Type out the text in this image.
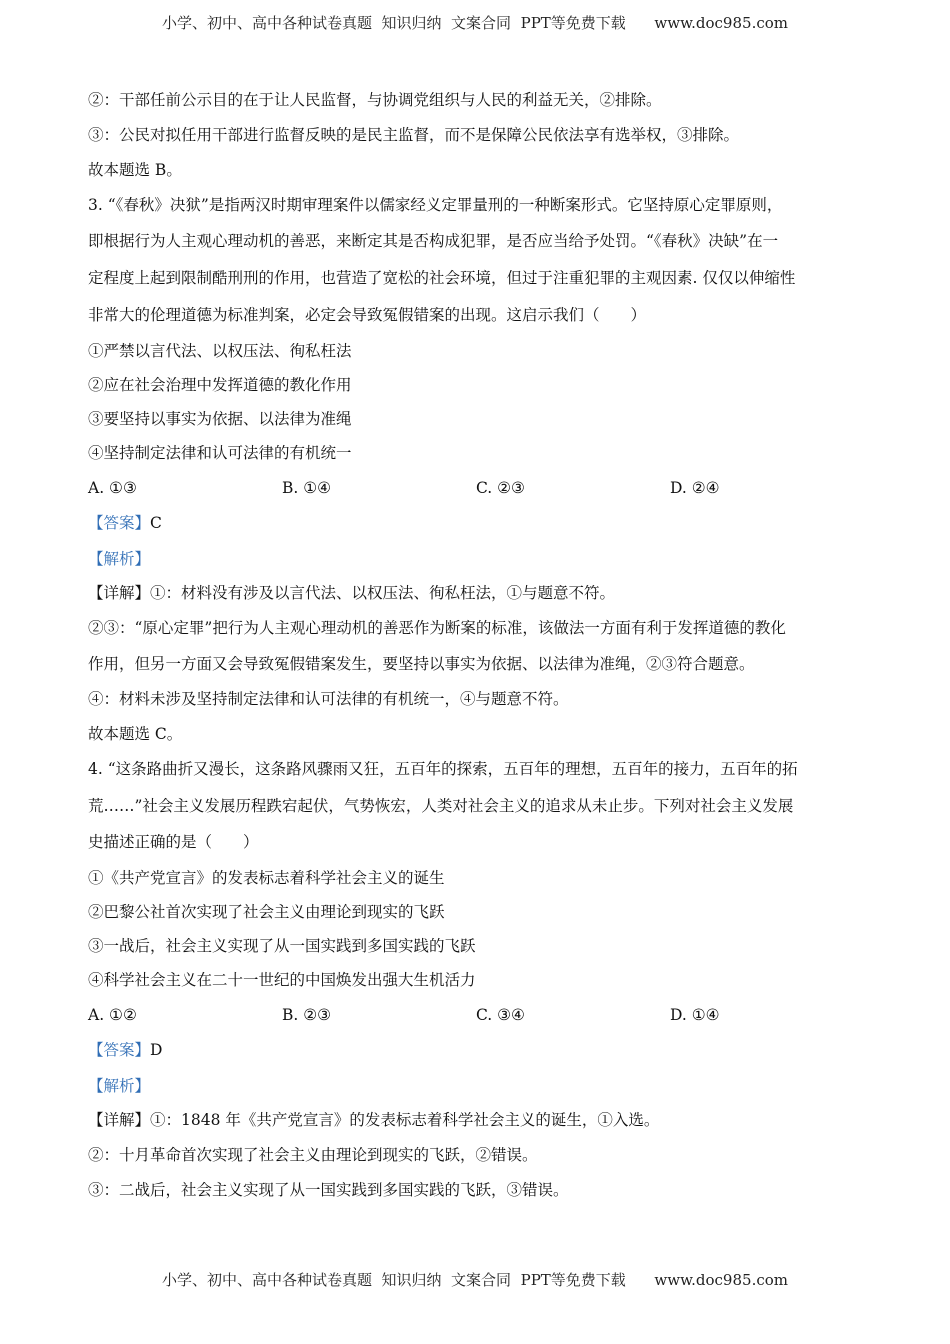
小学、初中、高中各种试卷真题  知识归纳  文案合同  PPT等免费下载      www.doc985.com
②：干部任前公示目的在于让人民监督，与协调党组织与人民的利益无关，②排除。
③：公民对拟任用干部进行监督反映的是民主监督，而不是保障公民依法享有选举权，③排除。
故本题选 B。
3. “《春秋》决狱”是指两汉时期审理案件以儒家经义定罪量刑的一种断案形式。它坚持原心定罪原则，
即根据行为人主观心理动机的善恶，来断定其是否构成犯罪，是否应当给予处罚。“《春秋》决缺”在一
定程度上起到限制酷刑刑的作用，也营造了宽松的社会环境，但过于注重犯罪的主观因素. 仅仅以伸缩性
非常大的伦理道德为标准判案，必定会导致冤假错案的出现。这启示我们（　　）
①严禁以言代法、以权压法、徇私枉法
②应在社会治理中发挥道德的教化作用
③要坚持以事实为依据、以法律为准绳
④坚持制定法律和认可法律的有机统一
A. ①③	B. ①④	C. ②③	D. ②④
【答案】C
【解析】
【详解】①：材料没有涉及以言代法、以权压法、徇私枉法，①与题意不符。
②③：“原心定罪”把行为人主观心理动机的善恶作为断案的标准，该做法一方面有利于发挥道德的教化
作用，但另一方面又会导致冤假错案发生，要坚持以事实为依据、以法律为准绳，②③符合题意。
④：材料未涉及坚持制定法律和认可法律的有机统一，④与题意不符。
故本题选 C。
4. “这条路曲折又漫长，这条路风骤雨又狂，五百年的探索，五百年的理想，五百年的接力，五百年的拓
荒……”社会主义发展历程跌宕起伏，气势恢宏，人类对社会主义的追求从未止步。下列对社会主义发展
史描述正确的是（　　）
①《共产党宣言》的发表标志着科学社会主义的诞生
②巴黎公社首次实现了社会主义由理论到现实的飞跃
③一战后，社会主义实现了从一国实践到多国实践的飞跃
④科学社会主义在二十一世纪的中国焕发出强大生机活力
A. ①②	B. ②③	C. ③④	D. ①④
【答案】D
【解析】
【详解】①：1848 年《共产党宣言》的发表标志着科学社会主义的诞生，①入选。
②：十月革命首次实现了社会主义由理论到现实的飞跃，②错误。
③：二战后，社会主义实现了从一国实践到多国实践的飞跃，③错误。
小学、初中、高中各种试卷真题  知识归纳  文案合同  PPT等免费下载      www.doc985.com
